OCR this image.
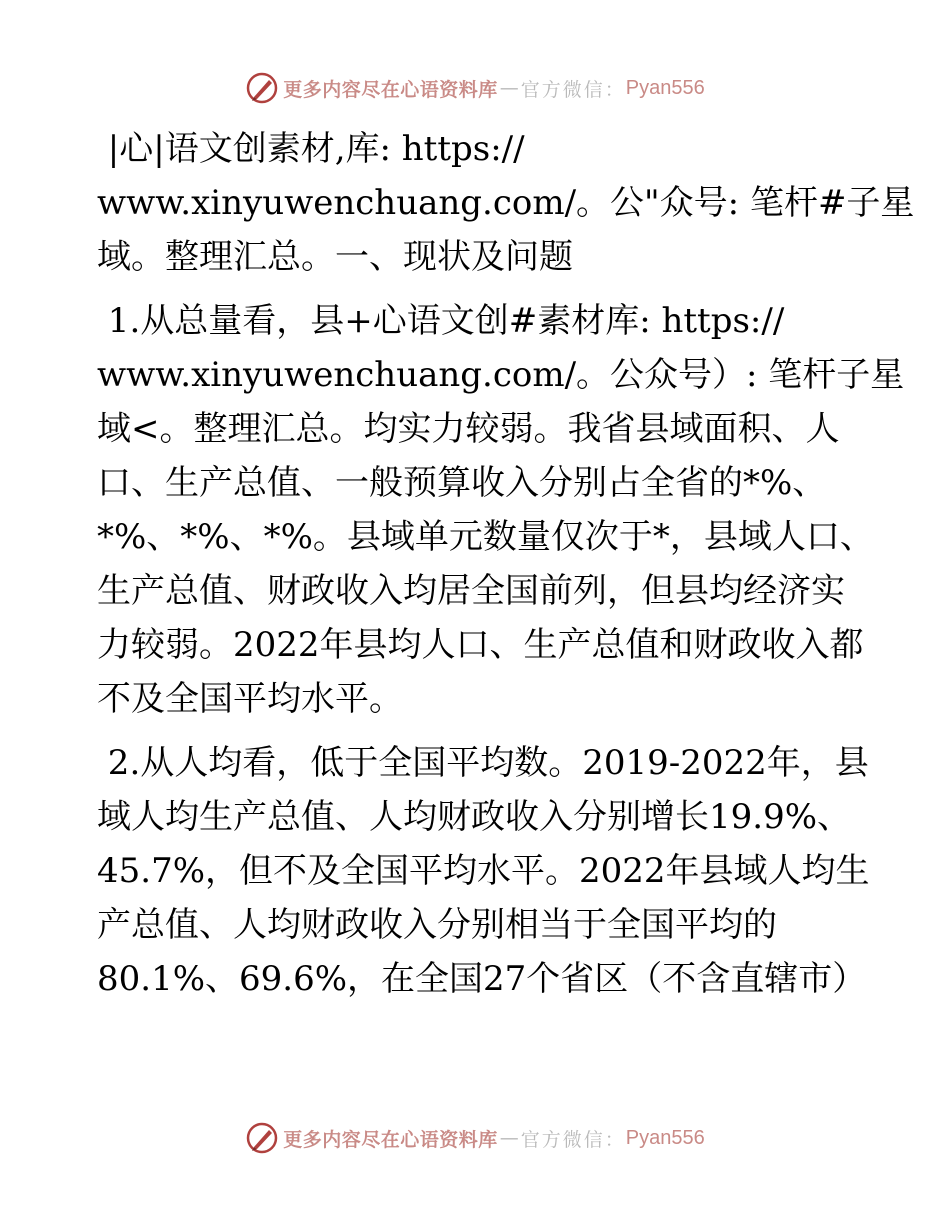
更多内容尽在心语资料库 — 官方微信： Pyan556
|心|语文创素材,库: https://
www.xinyuwenchuang.com/。公"众号: 笔杆#子星
域。整理汇总。一、现状及问题
1.从总量看，县+心语文创#素材库: https://
www.xinyuwenchuang.com/。公众号）: 笔杆子星
域<。整理汇总。均实力较弱。我省县域面积、人
口、生产总值、一般预算收入分别占全省的*%、
*%、*%、*%。县域单元数量仅次于*，县域人口、
生产总值、财政收入均居全国前列，但县均经济实
力较弱。2022年县均人口、生产总值和财政收入都
不及全国平均水平。
2.从人均看，低于全国平均数。2019-2022年，县
域人均生产总值、人均财政收入分别增长19.9%、
45.7%，但不及全国平均水平。2022年县域人均生
产总值、人均财政收入分别相当于全国平均的
80.1%、69.6%，在全国27个省区（不含直辖市）
更多内容尽在心语资料库 — 官方微信： Pyan556
